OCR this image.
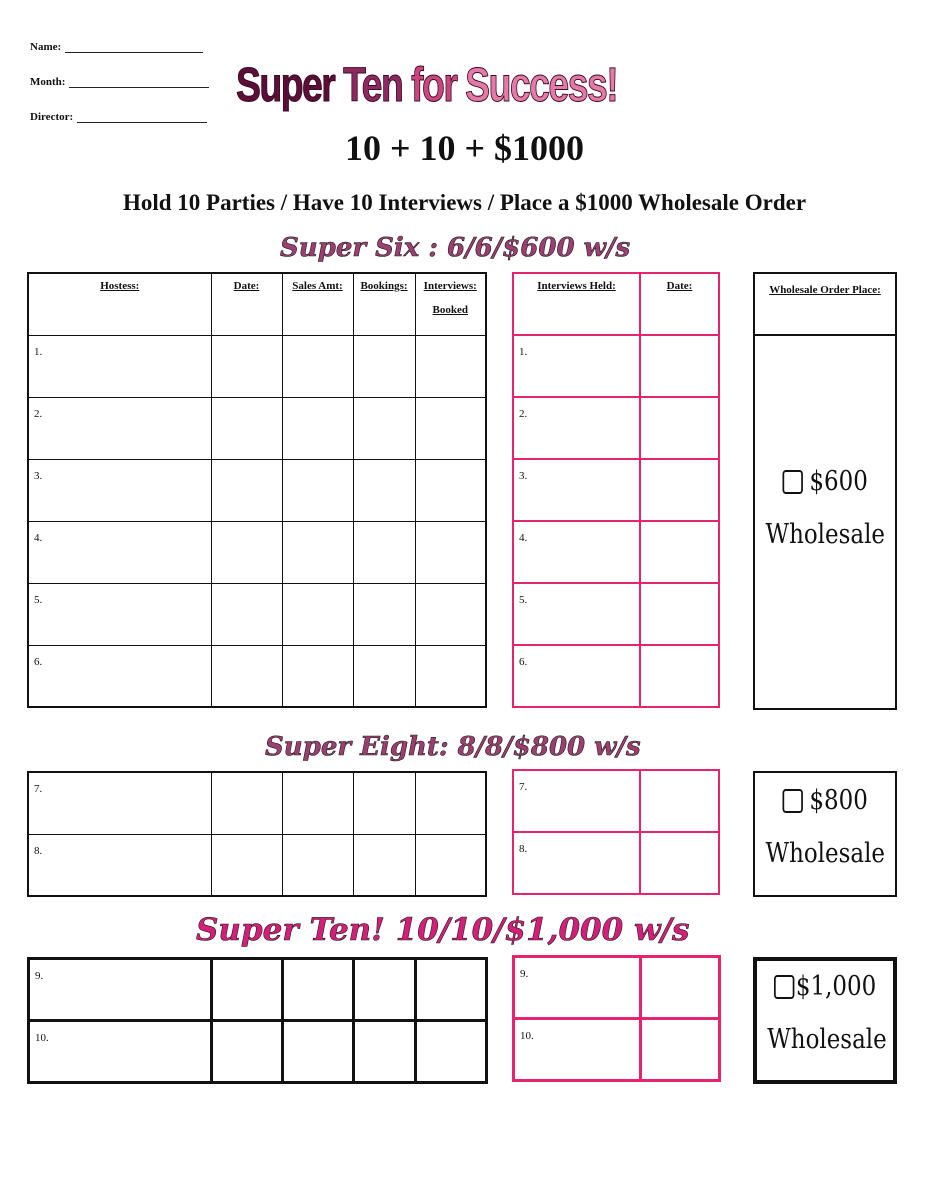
Name:
Month:
Director:
Super Ten for Success!
10 + 10 + $1000
Hold 10 Parties / Have 10 Interviews / Place a $1000 Wholesale Order
Super Six : 6/6/$600 w/s
Hostess:	Date:	Sales Amt:	Bookings:	Interviews:
Booked

1.				

2.				

3.				

4.				

5.				

6.				

Interviews Held:	Date:

1.	

2.	

3.	

4.	

5.	

6.	

Wholesale Order Place:
$600
Wholesale
Super Eight: 8/8/$800 w/s
7.				

8.				

7.	

8.	

$800
Wholesale
Super Ten! 10/10/$1,000 w/s
9.				

10.				

9.	

10.	

$1,000
Wholesale
